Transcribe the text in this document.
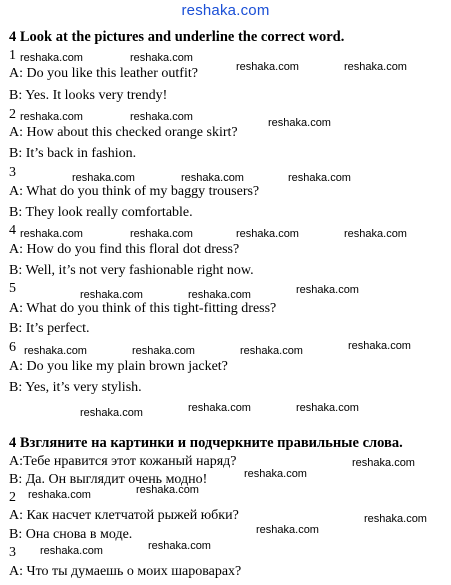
reshaka.com
4 Look at the pictures and underline the correct word.
1
A: Do you like this leather outfit?
B: Yes. It looks very trendy!
2
A: How about this checked orange skirt?
B: It’s back in fashion.
3
A: What do you think of my baggy trousers?
B: They look really comfortable.
4
A: How do you find this floral dot dress?
B: Well, it’s not very fashionable right now.
5
A: What do you think of this tight-fitting dress?
B: It’s perfect.
6
A: Do you like my plain brown jacket?
B: Yes, it’s very stylish.
4 Взгляните на картинки и подчеркните правильные слова.
A:Тебе нравится этот кожаный наряд?
B: Да. Он выглядит очень модно!
2
A: Как насчет клетчатой рыжей юбки?
B: Она снова в моде.
3
A: Что ты думаешь о моих шароварах?
reshaka.com	reshaka.com
reshaka.com	reshaka.com
reshaka.com	reshaka.com	reshaka.com
reshaka.com	reshaka.com	reshaka.com
reshaka.com	reshaka.com	reshaka.com	reshaka.com
reshaka.com	reshaka.com	reshaka.com
reshaka.com	reshaka.com	reshaka.com	reshaka.com
reshaka.com	reshaka.com
reshaka.com
reshaka.com
reshaka.com
reshaka.com
reshaka.com
reshaka.com
reshaka.com
reshaka.com
reshaka.com
